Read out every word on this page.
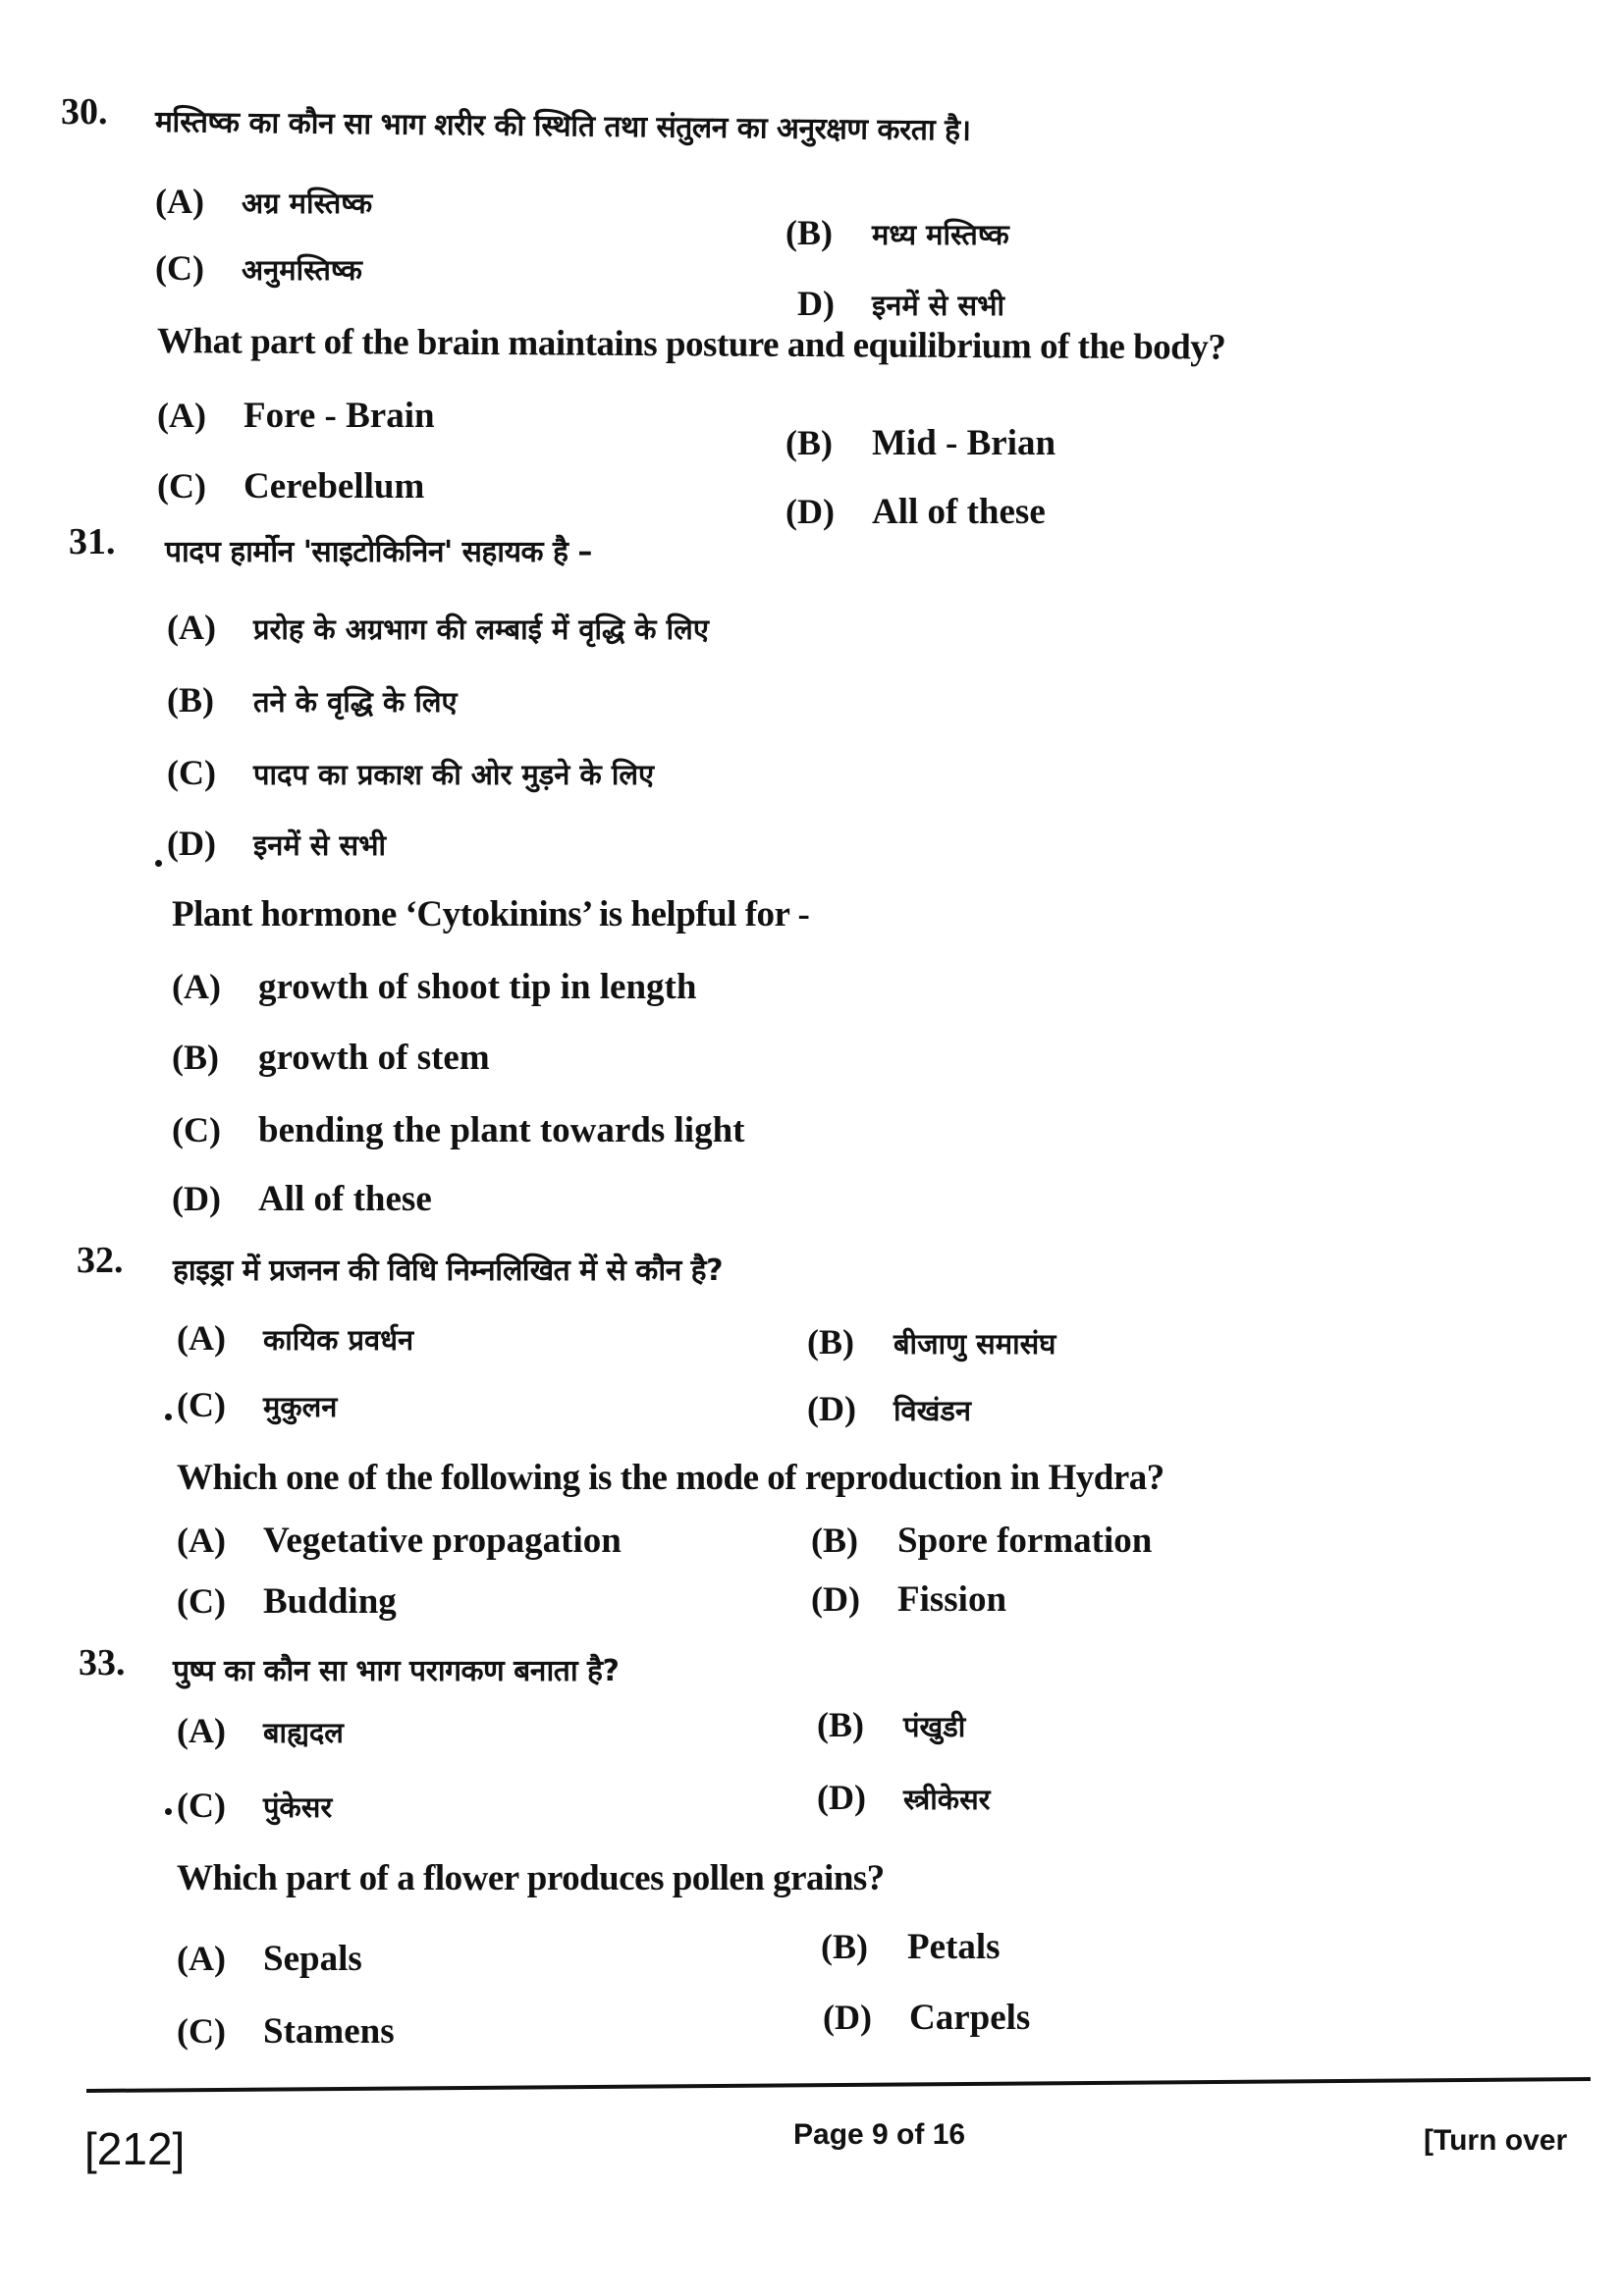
30. मस्तिष्क का कौन सा भाग शरीर की स्थिति तथा संतुलन का अनुरक्षण करता है।
(A)	अग्र मस्तिष्क
(B)	मध्य मस्तिष्क
(C)	अनुमस्तिष्क
D)	इनमें से सभी
What part of the brain maintains posture and equilibrium of the body?
(A)	Fore - Brain
(B)	Mid - Brian
(C)	Cerebellum
(D)	All of these
31. पादप हार्मोन 'साइटोकिनिन' सहायक है –
(A)	प्ररोह के अग्रभाग की लम्बाई में वृद्धि के लिए
(B)	तने के वृद्धि के लिए
(C)	पादप का प्रकाश की ओर मुड़ने के लिए
(D)	इनमें से सभी
Plant hormone ‘Cytokinins’ is helpful for -
(A)	growth of shoot tip in length
(B)	growth of stem
(C)	bending the plant towards light
(D)	All of these
32. हाइड्रा में प्रजनन की विधि निम्नलिखित में से कौन है?
(A)	कायिक प्रवर्धन	(B)	बीजाणु समासंघ
(C)	मुकुलन	(D)	विखंडन
Which one of the following is the mode of reproduction in Hydra?
(A)	Vegetative propagation	(B)	Spore formation
(C)	Budding	(D)	Fission
33. पुष्प का कौन सा भाग परागकण बनाता है?
(A)	बाह्यदल	(B)	पंखुडी
(C)	पुंकेसर	(D)	स्त्रीकेसर
Which part of a flower produces pollen grains?
(A)	Sepals	(B)	Petals
(C)	Stamens	(D)	Carpels
[212]	Page 9 of 16	[Turn over
